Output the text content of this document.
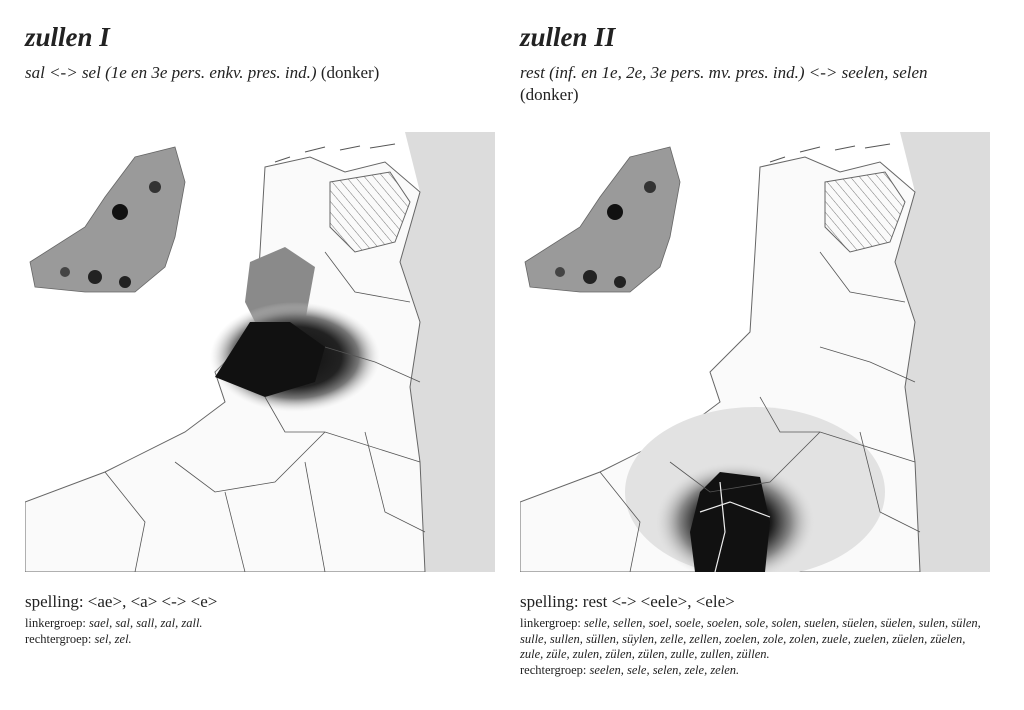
zullen I

sal <-> sel (1e en 3e pers. enkv. pres. ind.) (donker)

spelling: <ae>, <a> <-> <e>

linkergroep: sael, sal, sall, zal, zall.
rechtergroep: sel, zel.

zullen II

rest (inf. en 1e, 2e, 3e pers. mv. pres. ind.) <-> seelen, selen (donker)

spelling: rest <-> <eele>, <ele>

linkergroep: selle, sellen, soel, soele, soelen, sole, solen, suelen, süelen, süelen, sulen, sülen, sulle, sullen, süllen, süylen, zelle, zellen, zoelen, zole, zolen, zuele, zuelen, züelen, züelen, zule, züle, zulen, zülen, zülen, zulle, zullen, züllen.
rechtergroep: seelen, sele, selen, zele, zelen.
